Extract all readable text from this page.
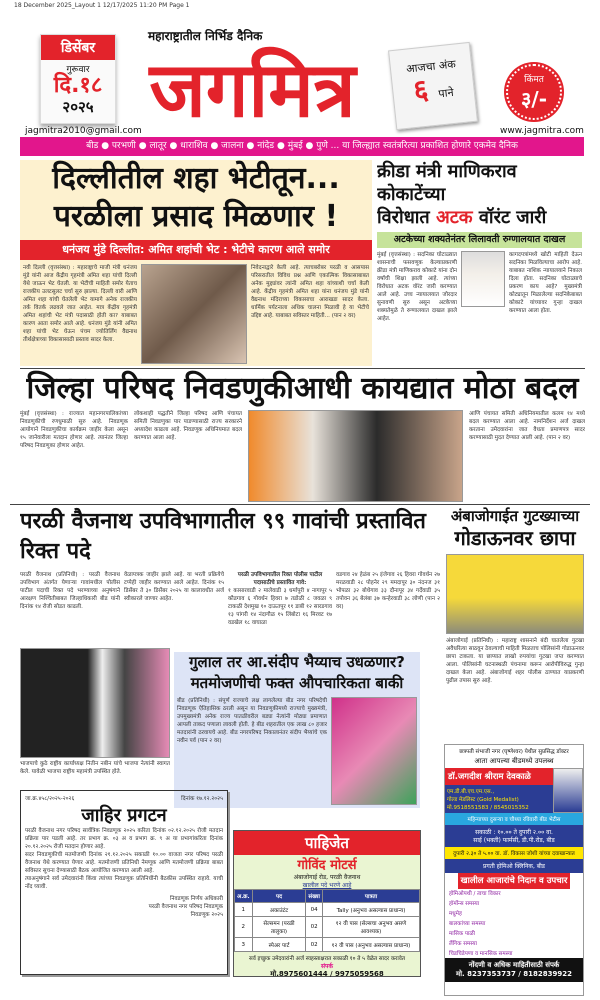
18 December 2025_Layout 1 12/17/2025 11:20 PM Page 1
डिसेंबर
गुरूवार
दि.१८
२०२५
महाराष्ट्रातील निर्भिड दैनिक
जगमित्र	आजचा अंक
६ पाने
किंमत
३/-
jagmitra2010@gmail.com	www.jagmitra.com
बीड ● परभणी ● लातूर ● धाराशिव ● जालना ● नांदेड ● मुंबई ● पुणे ... या जिल्ह्यात स्वतंत्ररित्या प्रकाशित होणारे एकमेव दैनिक
दिल्लीतील शहा भेटीतून...
परळीला प्रसाद मिळणार !
धनंजय मुंडे दिल्लीत: अमित शहांची भेट : भेटीचे कारण आले समोर
नवी दिल्ली (वृत्तसंस्था) : महाराष्ट्राचे माजी मंत्री धनंजय मुंडे यांनी आज केंद्रीय गृहमंत्री अमित शहा यांची दिल्ली येथे जाऊन भेट घेतली. या भेटीची माहिती समोर येताच राजकीय उलटसुलट चर्चा सुरु झाल्या. दिल्ली वारी आणि अमित शहा यांची घेतलेली भेट यामागे अनेक राजकीय तर्क वितर्क लढवले जात आहेत. मात्र केंद्रीय गृहमंत्री अमित शहांची भेट मंत्री पदासाठी होती का? याबाबत कारण आता समोर आले आहे. धनंजय मुंडे यांनी अमित शहा यांची भेट घेऊन पंचम ज्योतिर्लिंग वैद्यनाथ तीर्थक्षेत्राच्या विकासासाठी प्रस्ताव सादर केला.
निवेदनाद्वारे केली आहे. त्याचबरोबर परळी व आसपास परिसरातील विविध प्रश्न आणि एकात्मिक विकासाबाबत अनेक मुद्द्यांवर त्यांनी अमित शहा यांच्याशी चर्चा केली आहे. केंद्रीय गृहमंत्री अमित शहा यांना धनंजय मुंडे यांनी वैद्यनाथ मंदिराच्या विकासाचा आराखडा सादर केला. धार्मिक पर्यटनाला अधिक चालना मिळावी हे या भेटीचे उद्दिष्ट आहे. याबाबत सविस्तर माहिती... (पान २ वर)
क्रीडा मंत्री माणिकराव कोकाटेंच्या
विरोधात अटक वॉरंट जारी
अटकेच्या शक्यतेनंतर लिलावती रुग्णालयात दाखल
मुंबई (वृत्तसंस्था) : सदनिका घोटाळ्यात शासनाची फसवणूक केल्याप्रकरणी क्रीडा मंत्री माणिकराव कोकाटे यांना दोन वर्षांची शिक्षा झाली आहे. त्यांच्या विरोधात अटक वॉरंट जारी करण्यात आले आहे. उच्च न्यायालयात जोरदार सुनावणी सुरु असून अटकेच्या शक्यतेमुळे ते रुग्णालयात दाखल झाले आहेत.
कागदपत्रांमध्ये खोटी माहिती देऊन सदनिका मिळविल्याचा आरोप आहे. याबाबत नाशिक न्यायालयाने निकाल दिला होता. सदनिका घोटाळ्याचे प्रकरण काय आहे? मुख्यमंत्री कोट्यातून मिळालेल्या सदनिकेबाबत कोकाटे यांच्यावर गुन्हा दाखल करण्यात आला होता.
जिल्हा परिषद निवडणुकीआधी कायद्यात मोठा बदल
मुंबई (वृत्तसंस्था) : राज्यात महानगरपालिकांच्या निवडणुकीची रणधुमाळी सुरु आहे. निवडणूक आयोगाने निवडणुकीचा कार्यक्रम जाहीर केला असून १५ जानेवारीला मतदान होणार आहे. त्यानंतर जिल्हा परिषद निवडणुका होणार आहेत.
लोकशाही पद्धतीने जिल्हा परिषद आणि पंचायत समिती निवडणुका पार पाडण्यासाठी राज्य सरकारने अध्यादेश काढला आहे. निवडणूक अधिनियमात बदल करण्यात आला आहे.
आणि पंचायत समिती अधिनियमातील कलम १४ मध्ये बदल करण्यात आला आहे. नामनिर्देशन अर्ज दाखल करताना उमेदवारांना जात वैधता प्रमाणपत्र सादर करण्यासाठी मुदत देण्यात आली आहे. (पान २ वर)
परळी वैजनाथ उपविभागातील ९९ गावांची प्रस्तावित रिक्त पदे
परळी वैजनाथ (प्रतिनिधी) : परळी वैजनाथ उपविभाग अंतर्गत येणाऱ्या गावांमधील पोलीस पाटील पदाची रिक्त पदे भरण्याच्या अनुषंगाने आरक्षण निश्चितीबाबत जिल्हाधिकारी बीड यांनी दिनांक १४ रोजी सोडत काढली.
वेळापत्रक जाहीर झाले आहे. या भरती प्रक्रियेचे टप्पेही जाहीर करण्यात आले आहेत. दिनांक १५ डिसेंबर ते ३० डिसेंबर २०२५ या कालावधीत अर्ज स्वीकारले जाणार आहेत.
परळी उपविभागातील रिक्त पोलीस पाटील पदासाठीचे प्रस्तावित गावे:
१ कासारवाडी २ मालेवाडी ३ धर्मापुरी ४ नागापूर ५ कौडगाव ६ गोवर्धन हिवरा ७ तडोळी ८ जवळा ९ टाकळी देशमुख १० दाऊतपूर ११ डाबी १२ सारडगाव १३ पांगरी १४ नंदागौळ १५ लिंबोटा १६ मिरवट १७ वडखेल १८ वाघाळा
वडगाव २४ हेळंब २५ इंजेगाव २६ हिवरा गोवर्धन २७ मरळवाडी २८ पोहनेर २९ ममदापूर ३० नंदनज ३१ भोपळा ३२ बोधेगाव ३३ दौनापूर ३४ गर्देवाडी ३५ तपोवन ३६ बेलंबा ३७ कन्हेरवाडी ३८ लोणी (पान २ वर)
अंबाजोगाईत गुटख्याच्या
गोडाऊनवर छापा
अंबाजोगाई (प्रतिनिधी) : महाराष्ट्र शासनाने बंदी घातलेला गुटखा अवैधरित्या साठवून ठेवल्याची माहिती मिळताच पोलिसांनी गोडाऊनवर छापा टाकला. या छाप्यात लाखो रुपयांचा गुटखा जप्त करण्यात आला. पोलिसांनी घटनास्थळी पंचनामा करून आरोपीविरुद्ध गुन्हा दाखल केला आहे. अंबाजोगाई शहर पोलीस ठाण्यात याप्रकरणी पुढील तपास सुरु आहे.
भाजपाचे कुठे राष्ट्रीय कार्याध्यक्ष नितीन नबीन यांचे भाजपा नेत्यांनी स्वागत केले. यावेळी भाजपा राष्ट्रीय महामंत्री उपस्थित होते.
गुलाल तर आ.संदीप भैय्याच उधळणार?
मतमोजणीची फक्त औपचारिकता बाकी
बीड (प्रतिनिधी) : संपूर्ण राज्याचे लक्ष लागलेल्या बीड नगर परिषदेची निवडणूक ऐतिहासिक ठरली असून या निवडणुकीमध्ये राज्याचे मुख्यमंत्री, उपमुख्यमंत्री अनेक राज्य पातळीवरील बड्या नेत्यांनी मोठ्या प्रमाणात आपली ताकद पणाला लावली होती. हे बीड शहरातील एक लाख ८० हजार मतदारांनी ठरवायचे आहे. बीड नगरपरिषद निकालानंतर संदीप भैय्यांचे एक नवीन पर्व (पान २ वर)
जा.क्र.४५८/२०२५-२०२६	दिनांक १७.१२.२०२५
जाहिर प्रगटन

परळी वैजनाथ नगर परिषद सार्वत्रिक निवडणूक २०२५ करिता दिनांक ०२.१२.२०२५ रोजी मतदान प्रक्रिया पार पडली आहे. तर प्रभाग क्र. ०३ अ व प्रभाग क्र. ९ अ या प्रभागांकरिता दिनांक २०.१२.२०२५ रोजी मतदान होणार आहे.

सदर निवडणुकीची मतमोजणी दिनांक २१.१२.२०२५ सकाळी १०.०० वाजता नगर परिषद परळी वैजनाथ येथे करण्यात येणार आहे. मतमोजणी प्रतिनिधी नेमणूक आणि मतमोजणी प्रक्रिया बाबत सविस्तर सूचना देण्यासाठी बैठक आयोजित करण्यात आली आहे.

त्याअनुषंगाने सर्व उमेदवारांनी किंवा त्यांच्या निवडणूक प्रतिनिधींनी बैठकीस उपस्थित राहावे. याची नोंद घ्यावी.

निवडणूक निर्णय अधिकारी
परळी वैजनाथ नगर परिषद निवडणूक
निवडणूक २०२५
पाहिजेत
गोविंद मोटर्स
अंबाजोगाई रोड, परळी वैजनाथ
खालील पदे भरणे आहे
अ.क्र.	पद	संख्या	पात्रता
1	अकाउंटंट	04	Tally (अनुभव असल्यास प्राधान्य)
2	सेल्समन (परळी तालुका)	02	१२ वी पास (सेल्सचा अनुभव असणे आवश्यक)
3	स्पेअर पार्ट	02	१२ वी पास (अनुभव असल्यास प्राधान्य)
सर्व इच्छुक उमेदवारांनी अर्ज स्वहस्ताक्षरात सकाळी १० ते ५ वेळेत सादर करावेत
संपर्क
मो.8975601444 / 9975059568
छत्रपती संभाजी नगर (घृष्णेश्वर) येथील सुप्रसिद्ध डॉक्टर
आता आपल्या बीडमध्ये उपलब्ध
डॉ.जगदीश श्रीराम देवकाळे
एम.डी.बी.एच.एम.एस.,
गोल्ड मेडलिस्ट (Gold Medalist)
मो.9518551583 / 8545015352
महिन्याच्या दुसऱ्या व चौथ्या रविवारी बीड भेटीस
सकाळी : १०.०० ते दुपारी २.०० वा.
साई (भक्ती) फार्मसी, डी.पी.रोड, बीड
दुपारी २.३० ते ५.०० वा. डॉ. विकास जोशी यांच्या दवाखान्यात
प्रगती होमिओ क्लिनिक, बीड
खालील आजारांचे निदान व उपचार
होमिओपथी / त्वचा विकार
हॉर्मोन्स समस्या
मधुमेह
बालकांच्या समस्या
मासिक पाळी
लैंगिक समस्या
चिडचिडेपणा व मानसिक समस्या
नोंदणी व अधिक माहितीसाठी संपर्क
मो. 8237353737 / 8182839922
